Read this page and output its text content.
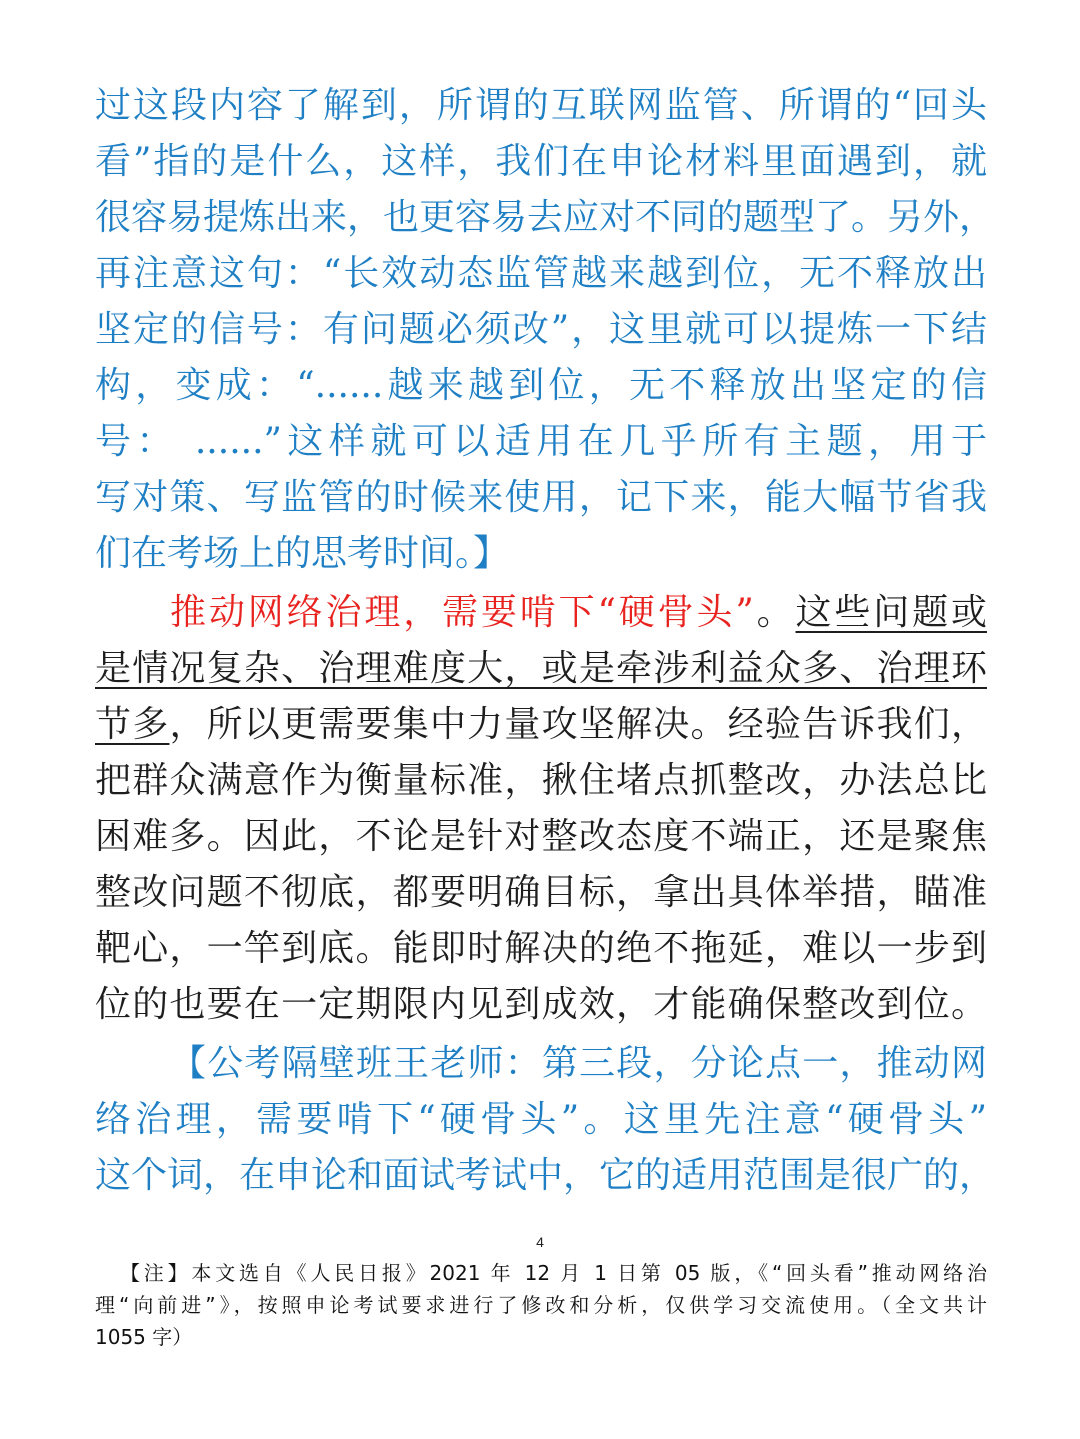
过这段内容了解到，所谓的互联网监管、所谓的“回头
看”指的是什么，这样，我们在申论材料里面遇到，就
很容易提炼出来，也更容易去应对不同的题型了。另外，
再注意这句：“长效动态监管越来越到位，无不释放出
坚定的信号：有问题必须改”，这里就可以提炼一下结
构，变成：“......越来越到位，无不释放出坚定的信
号： ......”这样就可以适用在几乎所有主题，用于
写对策、写监管的时候来使用，记下来，能大幅节省我
们在考场上的思考时间。】
推动网络治理，需要啃下“硬骨头”。这些问题或
是情况复杂、治理难度大，或是牵涉利益众多、治理环
节多，所以更需要集中力量攻坚解决。经验告诉我们，
把群众满意作为衡量标准，揪住堵点抓整改，办法总比
困难多。因此，不论是针对整改态度不端正，还是聚焦
整改问题不彻底，都要明确目标，拿出具体举措，瞄准
靶心，一竿到底。能即时解决的绝不拖延，难以一步到
位的也要在一定期限内见到成效，才能确保整改到位。
【公考隔壁班王老师：第三段，分论点一，推动网
络治理，需要啃下“硬骨头”。这里先注意“硬骨头”
这个词，在申论和面试考试中，它的适用范围是很广的，
4
【注】本文选自《人民日报》2021 年 12 月 1 日第 05 版，《“回头看”推动网络治
理“向前进”》，按照申论考试要求进行了修改和分析，仅供学习交流使用。（全文共计
1055 字）
